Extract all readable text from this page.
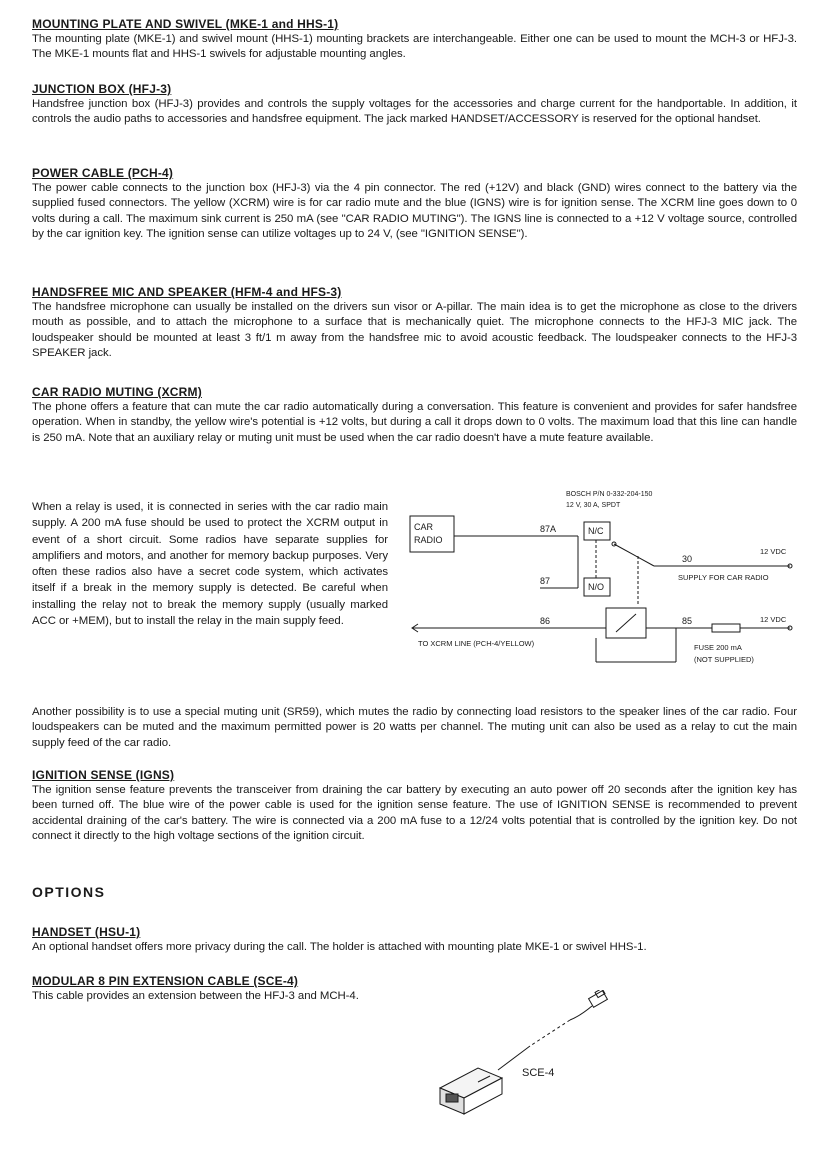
MOUNTING PLATE AND SWIVEL (MKE-1 and HHS-1)

The mounting plate (MKE-1) and swivel mount (HHS-1) mounting brackets are interchangeable. Either one can be used to mount the MCH-3 or HFJ-3. The MKE-1 mounts flat and HHS-1 swivels for adjustable mounting angles.

JUNCTION BOX (HFJ-3)

Handsfree junction box (HFJ-3) provides and controls the supply voltages for the accessories and charge current for the handportable. In addition, it controls the audio paths to accessories and handsfree equipment. The jack marked HANDSET/ACCESSORY is reserved for the optional handset.

POWER CABLE (PCH-4)

The power cable connects to the junction box (HFJ-3) via the 4 pin connector. The red (+12V) and black (GND) wires connect to the battery via the supplied fused connectors. The yellow (XCRM) wire is for car radio mute and the blue (IGNS) wire is for ignition sense. The XCRM line goes down to 0 volts during a call. The maximum sink current is 250 mA (see "CAR RADIO MUTING"). The IGNS line is connected to a +12 V voltage source, controlled by the car ignition key. The ignition sense can utilize voltages up to 24 V, (see "IGNITION SENSE").

HANDSFREE MIC AND SPEAKER (HFM-4 and HFS-3)

The handsfree microphone can usually be installed on the drivers sun visor or A-pillar. The main idea is to get the microphone as close to the drivers mouth as possible, and to attach the microphone to a surface that is mechanically quiet. The microphone connects to the HFJ-3 MIC jack. The loudspeaker should be mounted at least 3 ft/1 m away from the handsfree mic to avoid acoustic feedback. The loudspeaker connects to the HFJ-3 SPEAKER jack.

CAR RADIO MUTING (XCRM)

The phone offers a feature that can mute the car radio automatically during a conversation. This feature is convenient and provides for safer handsfree operation. When in standby, the yellow wire's potential is +12 volts, but during a call it drops down to 0 volts. The maximum load that this line can handle is 250 mA. Note that an auxiliary relay or muting unit must be used when the car radio doesn't have a mute feature available.

When a relay is used, it is connected in series with the car radio main supply. A 200 mA fuse should be used to protect the XCRM output in event of a short circuit. Some radios have separate supplies for amplifiers and motors, and another for memory backup purposes. Very often these radios also have a secret code system, which activates itself if a break in the memory supply is detected. Be careful when installing the relay not to break the memory supply (usually marked ACC or +MEM), but to install the relay in the main supply feed.

BOSCH P/N 0-332-204-150
12 V, 30 A, SPDT
CAR
RADIO
87A	N/C
87
N/O
86
30
85
12 VDC
SUPPLY FOR CAR RADIO
12 VDC
TO XCRM LINE (PCH-4/YELLOW)	FUSE 200 mA
(NOT SUPPLIED)

Another possibility is to use a special muting unit (SR59), which mutes the radio by connecting load resistors to the speaker lines of the car radio. Four loudspeakers can be muted and the maximum permitted power is 20 watts per channel. The muting unit can also be used as a relay to cut the main supply feed of the car radio.

IGNITION SENSE (IGNS)

The ignition sense feature prevents the transceiver from draining the car battery by executing an auto power off 20 seconds after the ignition key has been turned off. The blue wire of the power cable is used for the ignition sense feature. The use of IGNITION SENSE is recommended to prevent accidental draining of the car's battery. The wire is connected via a 200 mA fuse to a 12/24 volts potential that is controlled by the ignition key. Do not connect it directly to the high voltage sections of the ignition circuit.

OPTIONS
HANDSET (HSU-1)

An optional handset offers more privacy during the call. The holder is attached with mounting plate MKE-1 or swivel HHS-1.

MODULAR 8 PIN EXTENSION CABLE (SCE-4)

This cable provides an extension between the HFJ-3 and MCH-4.

SCE-4
